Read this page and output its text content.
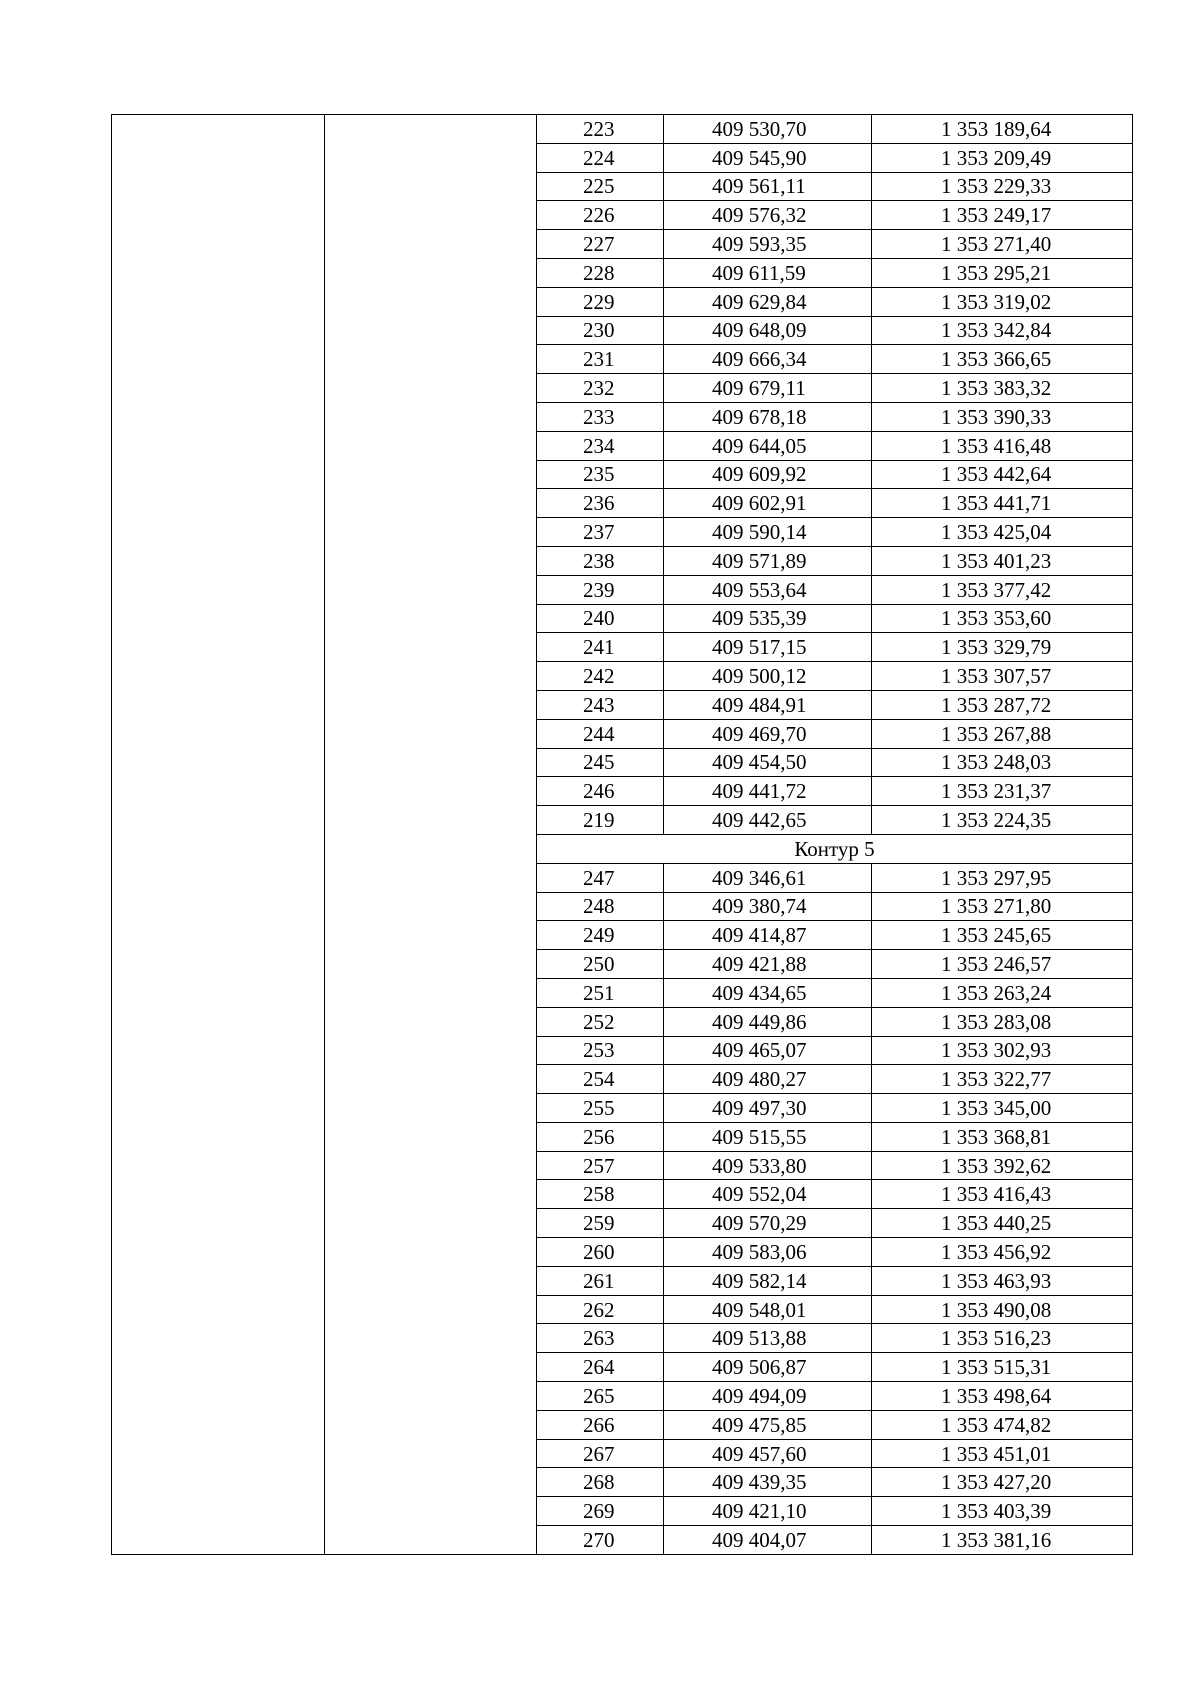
		223	409 530,70	1 353 189,64
		224	409 545,90	1 353 209,49
		225	409 561,11	1 353 229,33
		226	409 576,32	1 353 249,17
		227	409 593,35	1 353 271,40
		228	409 611,59	1 353 295,21
		229	409 629,84	1 353 319,02
		230	409 648,09	1 353 342,84
		231	409 666,34	1 353 366,65
		232	409 679,11	1 353 383,32
		233	409 678,18	1 353 390,33
		234	409 644,05	1 353 416,48
		235	409 609,92	1 353 442,64
		236	409 602,91	1 353 441,71
		237	409 590,14	1 353 425,04
		238	409 571,89	1 353 401,23
		239	409 553,64	1 353 377,42
		240	409 535,39	1 353 353,60
		241	409 517,15	1 353 329,79
		242	409 500,12	1 353 307,57
		243	409 484,91	1 353 287,72
		244	409 469,70	1 353 267,88
		245	409 454,50	1 353 248,03
		246	409 441,72	1 353 231,37
		219	409 442,65	1 353 224,35
		Контур 5		
		247	409 346,61	1 353 297,95
		248	409 380,74	1 353 271,80
		249	409 414,87	1 353 245,65
		250	409 421,88	1 353 246,57
		251	409 434,65	1 353 263,24
		252	409 449,86	1 353 283,08
		253	409 465,07	1 353 302,93
		254	409 480,27	1 353 322,77
		255	409 497,30	1 353 345,00
		256	409 515,55	1 353 368,81
		257	409 533,80	1 353 392,62
		258	409 552,04	1 353 416,43
		259	409 570,29	1 353 440,25
		260	409 583,06	1 353 456,92
		261	409 582,14	1 353 463,93
		262	409 548,01	1 353 490,08
		263	409 513,88	1 353 516,23
		264	409 506,87	1 353 515,31
		265	409 494,09	1 353 498,64
		266	409 475,85	1 353 474,82
		267	409 457,60	1 353 451,01
		268	409 439,35	1 353 427,20
		269	409 421,10	1 353 403,39
		270	409 404,07	1 353 381,16
